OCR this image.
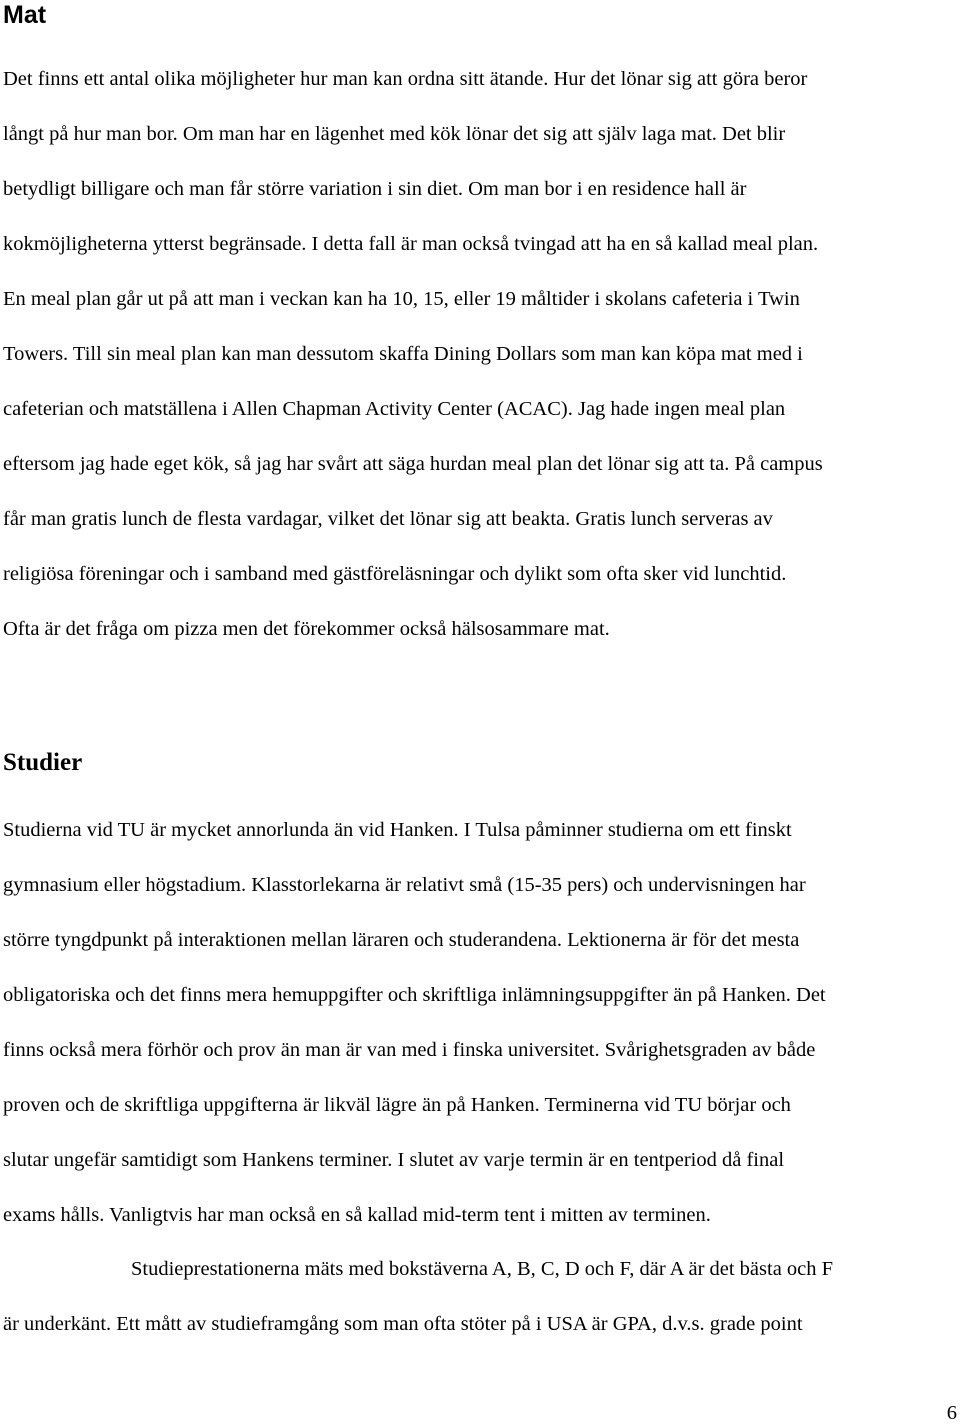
Mat

Det finns ett antal olika möjligheter hur man kan ordna sitt ätande. Hur det lönar sig att göra beror
långt på hur man bor. Om man har en lägenhet med kök lönar det sig att själv laga mat. Det blir
betydligt billigare och man får större variation i sin diet. Om man bor i en residence hall är
kokmöjligheterna ytterst begränsade. I detta fall är man också tvingad att ha en så kallad meal plan.
En meal plan går ut på att man i veckan kan ha 10, 15, eller 19 måltider i skolans cafeteria i Twin
Towers. Till sin meal plan kan man dessutom skaffa Dining Dollars som man kan köpa mat med i
cafeterian och matställena i Allen Chapman Activity Center (ACAC). Jag hade ingen meal plan
eftersom jag hade eget kök, så jag har svårt att säga hurdan meal plan det lönar sig att ta. På campus
får man gratis lunch de flesta vardagar, vilket det lönar sig att beakta. Gratis lunch serveras av
religiösa föreningar och i samband med gästföreläsningar och dylikt som ofta sker vid lunchtid.
Ofta är det fråga om pizza men det förekommer också hälsosammare mat.

Studier

Studierna vid TU är mycket annorlunda än vid Hanken. I Tulsa påminner studierna om ett finskt
gymnasium eller högstadium. Klasstorlekarna är relativt små (15-35 pers) och undervisningen har
större tyngdpunkt på interaktionen mellan läraren och studerandena. Lektionerna är för det mesta
obligatoriska och det finns mera hemuppgifter och skriftliga inlämningsuppgifter än på Hanken. Det
finns också mera förhör och prov än man är van med i finska universitet. Svårighetsgraden av både
proven och de skriftliga uppgifterna är likväl lägre än på Hanken. Terminerna vid TU börjar och
slutar ungefär samtidigt som Hankens terminer. I slutet av varje termin är en tentperiod då final
exams hålls. Vanligtvis har man också en så kallad mid-term tent i mitten av terminen.

Studieprestationerna mäts med bokstäverna A, B, C, D och F, där A är det bästa och F
är underkänt. Ett mått av studieframgång som man ofta stöter på i USA är GPA, d.v.s. grade point

6
